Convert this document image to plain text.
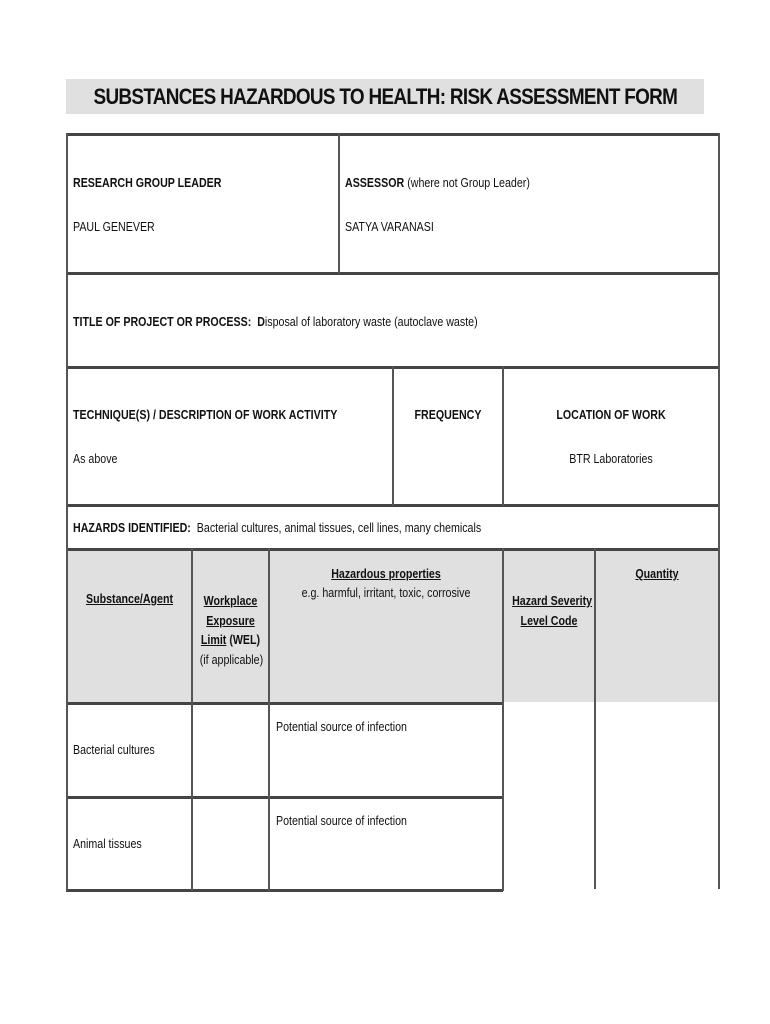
SUBSTANCES HAZARDOUS TO HEALTH: RISK ASSESSMENT FORM
RESEARCH GROUP LEADER
PAUL GENEVER
ASSESSOR (where not Group Leader)
SATYA VARANASI
TITLE OF PROJECT OR PROCESS: Disposal of laboratory waste (autoclave waste)
TECHNIQUE(S) / DESCRIPTION OF WORK ACTIVITY
As above
FREQUENCY	LOCATION OF WORK
BTR Laboratories
HAZARDS IDENTIFIED: Bacterial cultures, animal tissues, cell lines, many chemicals
Substance/Agent	Workplace
Exposure
Limit (WEL)
(if applicable)
Hazardous properties
e.g. harmful, irritant, toxic, corrosive
Hazard Severity
Level Code
Quantity
Bacterial cultures
Potential source of infection
Animal tissues
Potential source of infection
